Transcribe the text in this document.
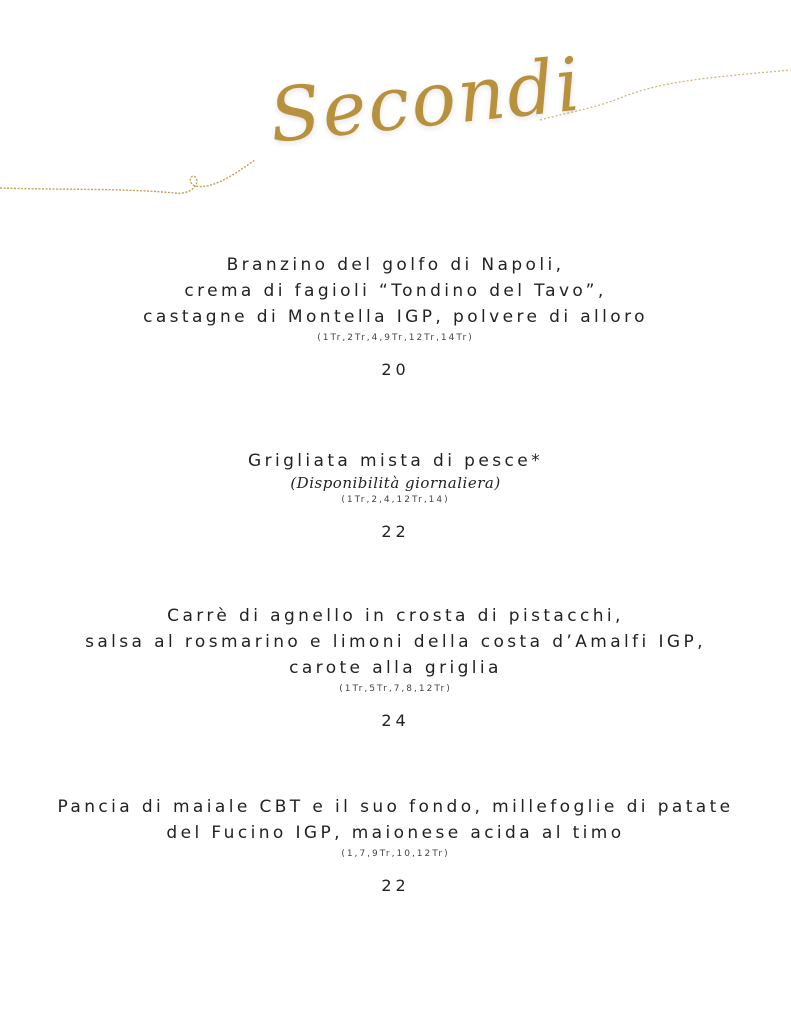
Secondi
Branzino del golfo di Napoli,
crema di fagioli “Tondino del Tavo”,
castagne di Montella IGP, polvere di alloro
(1Tr,2Tr,4,9Tr,12Tr,14Tr)
20
Grigliata mista di pesce*
(Disponibilità giornaliera)
(1Tr,2,4,12Tr,14)
22
Carrè di agnello in crosta di pistacchi,
salsa al rosmarino e limoni della costa d’Amalfi IGP,
carote alla griglia
(1Tr,5Tr,7,8,12Tr)
24
Pancia di maiale CBT e il suo fondo, millefoglie di patate
del Fucino IGP, maionese acida al timo
(1,7,9Tr,10,12Tr)
22
